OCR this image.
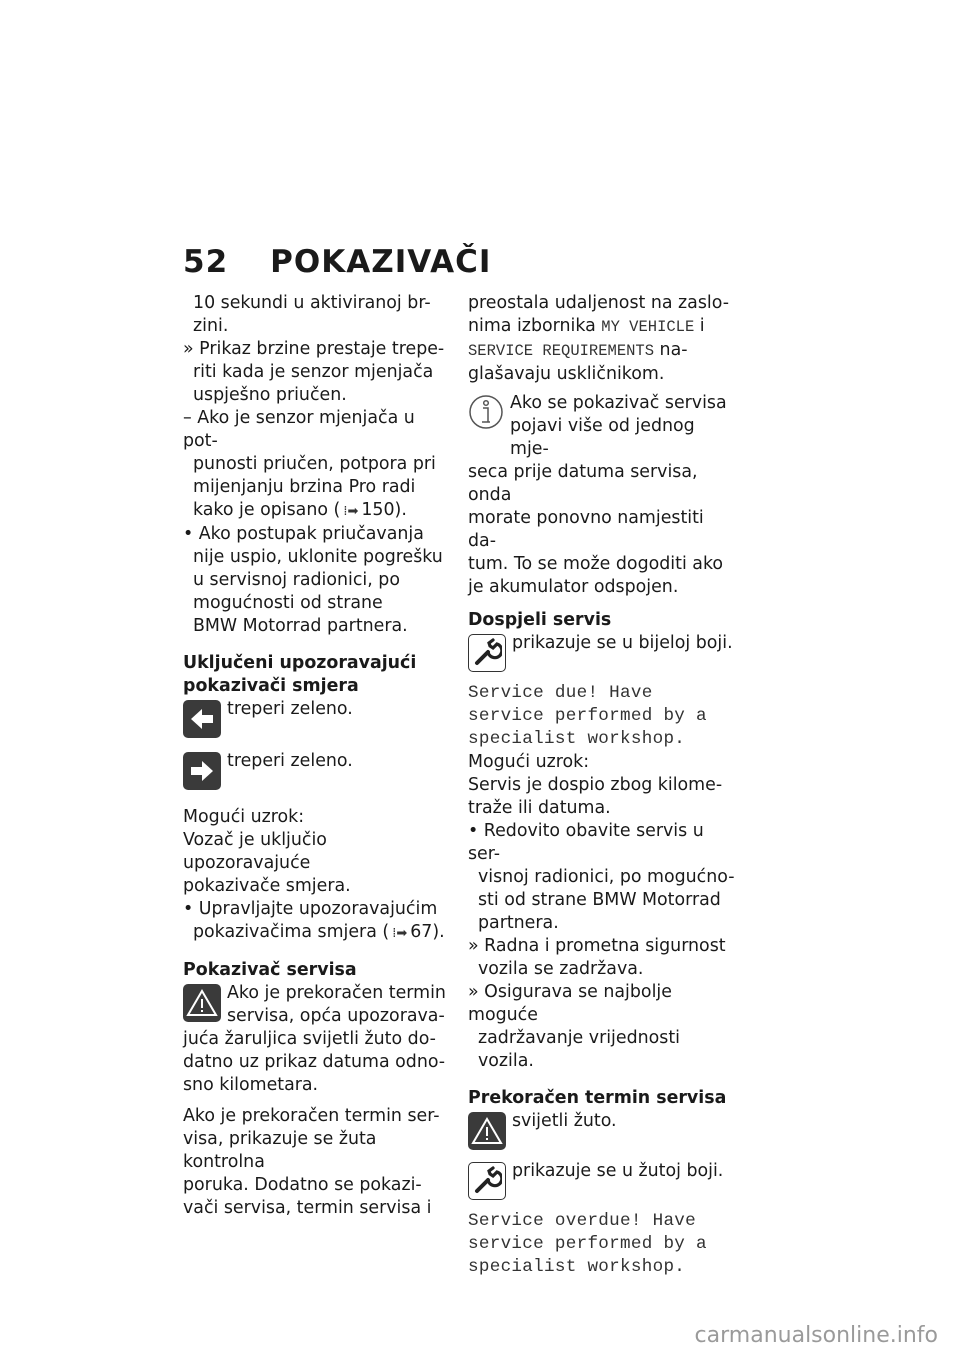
52 POKAZIVAČI

10 sekundi u aktiviranoj br-
zini.

» Prikaz brzine prestaje trepe-
riti kada je senzor mjenjača
uspješno priučen.

– Ako je senzor mjenjača u pot-
punosti priučen, potpora pri
mijenjanju brzina Pro radi
kako je opisano ( ⁞➡ 150).

• Ako postupak priučavanja
nije uspio, uklonite pogrešku
u servisnoj radionici, po
mogućnosti od strane
BMW Motorrad partnera.

Uključeni upozoravajući
pokazivači smjera

treperi zeleno.
treperi zeleno.

Mogući uzrok:

Vozač je uključio upozoravajuće
pokazivače smjera.

• Upravljajte upozoravajućim
pokazivačima smjera ( ⁞➡ 67).

Pokazivač servisa

Ako je prekoračen termin
servisa, opća upozorava-

juća žaruljica svijetli žuto do-
datno uz prikaz datuma odno-
sno kilometara.

Ako je prekoračen termin ser-
visa, prikazuje se žuta kontrolna
poruka. Dodatno se pokazi-
vači servisa, termin servisa i

preostala udaljenost na zaslo-
nima izbornika MY VEHICLE i
SERVICE REQUIREMENTS na-
glašavaju uskličnikom.

Ako se pokazivač servisa
pojavi više od jednog mje-

seca prije datuma servisa, onda
morate ponovno namjestiti da-
tum. To se može dogoditi ako
je akumulator odspojen.

Dospjeli servis

prikazuje se u bijeloj boji.

Service due! Have
service performed by a
specialist workshop.

Mogući uzrok:

Servis je dospio zbog kilome-
traže ili datuma.

• Redovito obavite servis u ser-
visnoj radionici, po mogućno-
sti od strane BMW Motorrad
partnera.

» Radna i prometna sigurnost
vozila se zadržava.

» Osigurava se najbolje moguće
zadržavanje vrijednosti vozila.

Prekoračen termin servisa

svijetli žuto.
prikazuje se u žutoj boji.

Service overdue! Have
service performed by a
specialist workshop.

carmanualsonline.info
